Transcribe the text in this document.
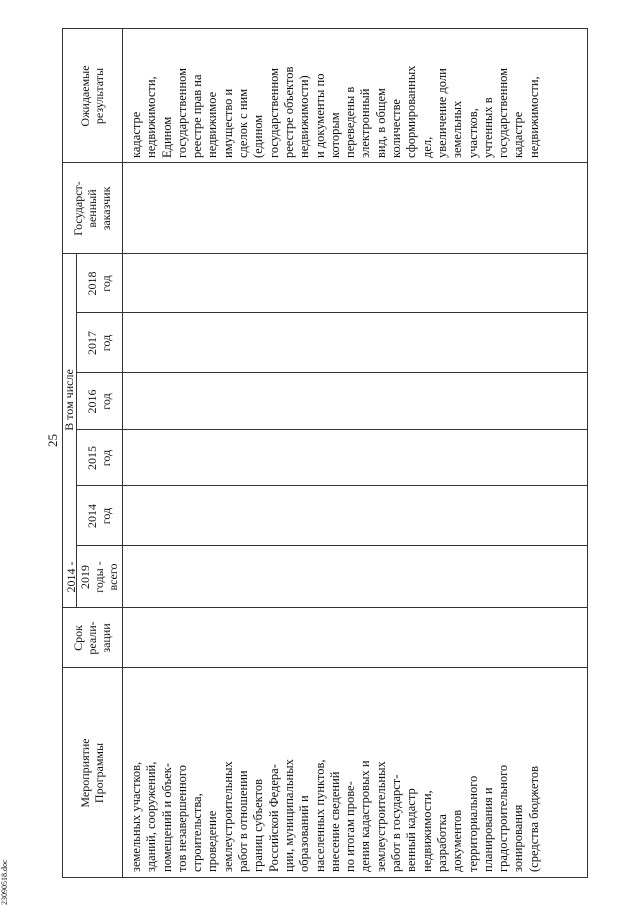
25
23090518.doc
Мероприятие
Программы
Срок
реали-
зации
2014 -
2019
годы -
всего
В том числе
2014
год
2015
год
2016
год
2017
год
2018
год
Государст-
венный
заказчик
Ожидаемые
результаты
земельных участков, зданий, сооружений, помещений и объек- тов незавершенного строительства, проведение землеустроительных работ в отношении границ субъектов Российской Федера- ции, муниципальных образований и населенных пунктов, внесение сведений по итогам прове- дения кадастровых и землеустроительных работ в государст- венный кадастр недвижимости, разработка документов территориального планирования и градостроительного зонирования (средства бюджетов
кадастре недвижимости, Едином государственном реестре прав на недвижимое имущество и сделок с ним (едином государственном реестре объектов недвижимости) и документы по которым переведены в электронный вид, в общем количестве сформированных дел, увеличение доли земельных участков, учтенных в государственном кадастре недвижимости,
